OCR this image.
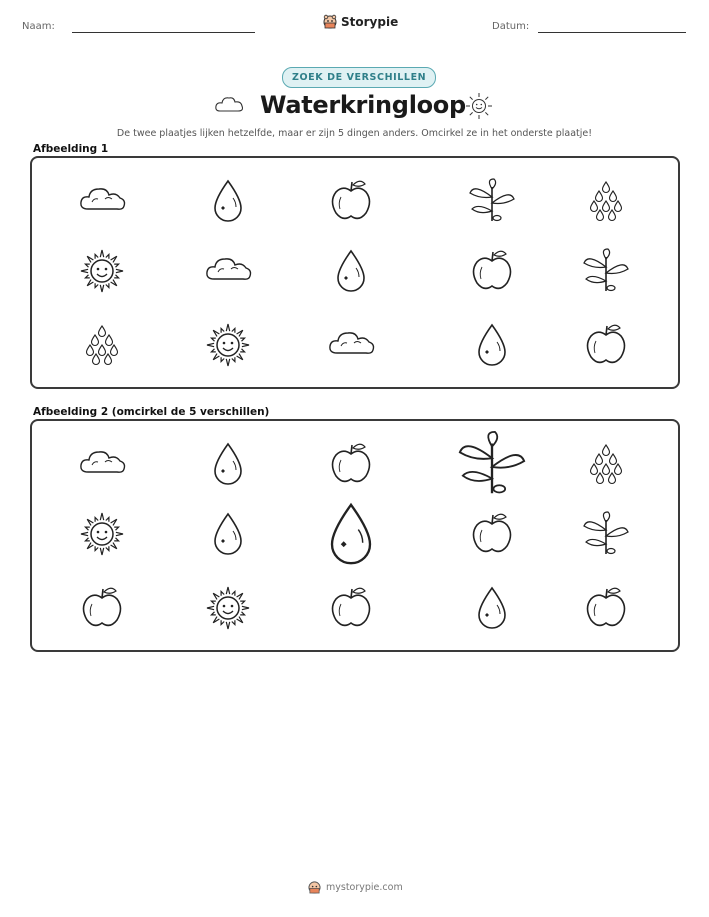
Naam:	Storypie	Datum:
ZOEK DE VERSCHILLEN
Waterkringloop
De twee plaatjes lijken hetzelfde, maar er zijn 5 dingen anders. Omcirkel ze in het onderste plaatje!
Afbeelding 1
Afbeelding 2 (omcirkel de 5 verschillen)
mystorypie.com
